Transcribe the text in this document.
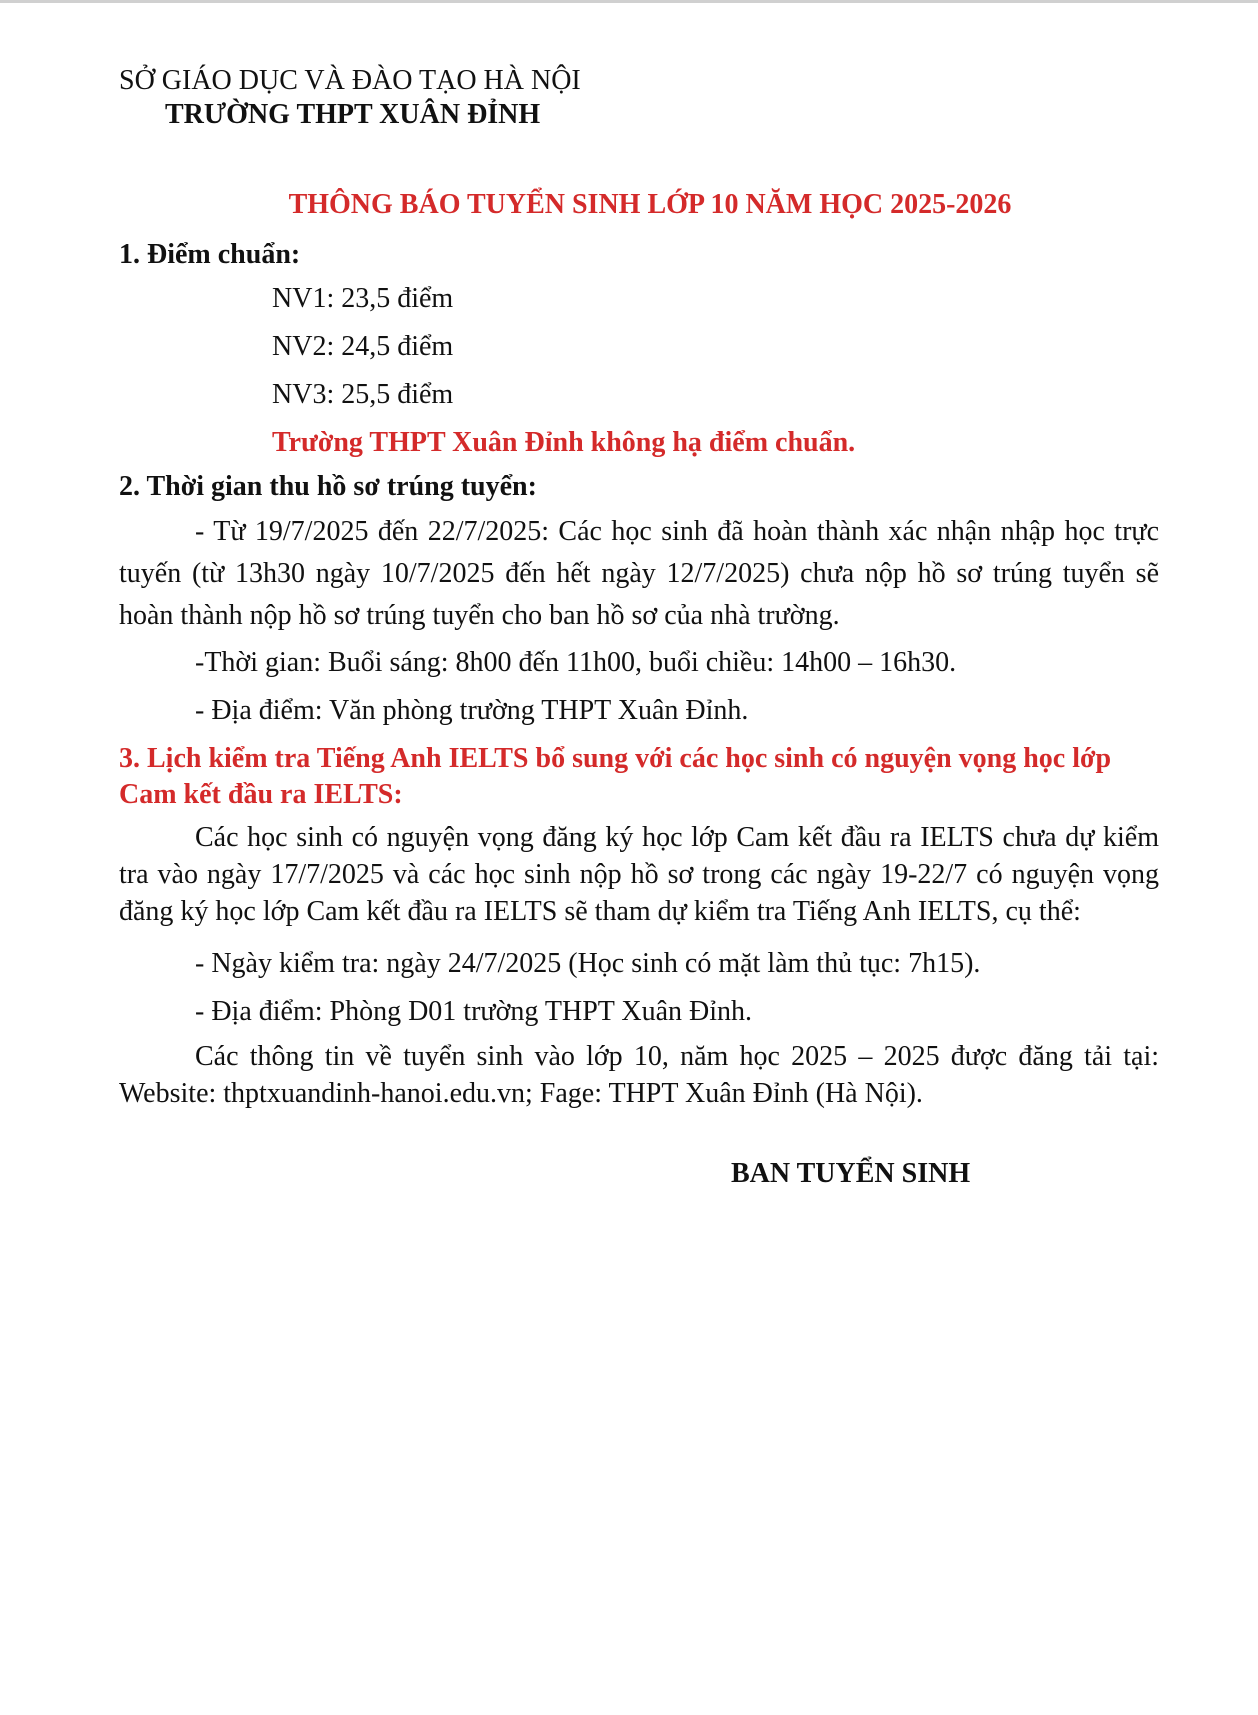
SỞ GIÁO DỤC VÀ ĐÀO TẠO HÀ NỘI
TRƯỜNG THPT XUÂN ĐỈNH
THÔNG BÁO TUYỂN SINH LỚP 10 NĂM HỌC 2025-2026
1. Điểm chuẩn:
NV1: 23,5 điểm
NV2: 24,5 điểm
NV3: 25,5 điểm
Trường THPT Xuân Đỉnh không hạ điểm chuẩn.
2. Thời gian thu hồ sơ trúng tuyển:
- Từ 19/7/2025 đến 22/7/2025: Các học sinh đã hoàn thành xác nhận nhập học trực tuyến (từ 13h30 ngày 10/7/2025 đến hết ngày 12/7/2025) chưa nộp hồ sơ trúng tuyển sẽ hoàn thành nộp hồ sơ trúng tuyển cho ban hồ sơ của nhà trường.
-Thời gian: Buổi sáng: 8h00 đến 11h00, buổi chiều: 14h00 – 16h30.
- Địa điểm: Văn phòng trường THPT Xuân Đỉnh.
3. Lịch kiểm tra Tiếng Anh IELTS bổ sung với các học sinh có nguyện vọng học lớp Cam kết đầu ra IELTS:
Các học sinh có nguyện vọng đăng ký học lớp Cam kết đầu ra IELTS chưa dự kiểm tra vào ngày 17/7/2025 và các học sinh nộp hồ sơ trong các ngày 19-22/7 có nguyện vọng đăng ký học lớp Cam kết đầu ra IELTS sẽ tham dự kiểm tra Tiếng Anh IELTS, cụ thể:
- Ngày kiểm tra: ngày 24/7/2025 (Học sinh có mặt làm thủ tục: 7h15).
- Địa điểm: Phòng D01 trường THPT Xuân Đỉnh.
Các thông tin về tuyển sinh vào lớp 10, năm học 2025 – 2025 được đăng tải tại: Website: thptxuandinh-hanoi.edu.vn; Fage: THPT Xuân Đỉnh (Hà Nội).
BAN TUYỂN SINH
